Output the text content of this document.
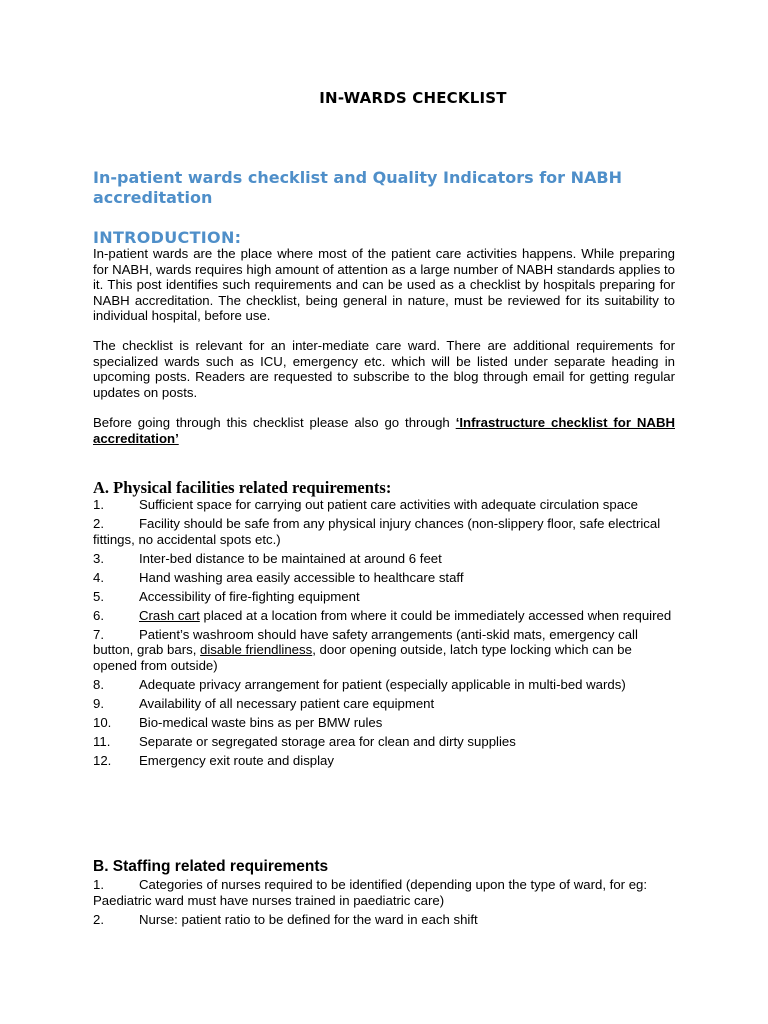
IN-WARDS CHECKLIST
In-patient wards checklist and Quality Indicators for NABH accreditation
INTRODUCTION:
In-patient wards are the place where most of the patient care activities happens. While preparing for NABH, wards requires high amount of attention as a large number of NABH standards applies to it. This post identifies such requirements and can be used as a checklist by hospitals preparing for NABH accreditation. The checklist, being general in nature, must be reviewed for its suitability to individual hospital, before use.
The checklist is relevant for an inter-mediate care ward. There are additional requirements for specialized wards such as ICU, emergency etc. which will be listed under separate heading in upcoming posts. Readers are requested to subscribe to the blog through email for getting regular updates on posts.
Before going through this checklist please also go through ‘Infrastructure checklist for NABH accreditation’
A. Physical facilities related requirements:
1.	Sufficient space for carrying out patient care activities with adequate circulation space
2.	Facility should be safe from any physical injury chances (non-slippery floor, safe electrical fittings, no accidental spots etc.)
3.	Inter-bed distance to be maintained at around 6 feet
4.	Hand washing area easily accessible to healthcare staff
5.	Accessibility of fire-fighting equipment
6.	Crash cart placed at a location from where it could be immediately accessed when required
7.	Patient’s washroom should have safety arrangements (anti-skid mats, emergency call button, grab bars, disable friendliness, door opening outside, latch type locking which can be opened from outside)
8.	Adequate privacy arrangement for patient (especially applicable in multi-bed wards)
9.	Availability of all necessary patient care equipment
10. Bio-medical waste bins as per BMW rules
11. Separate or segregated storage area for clean and dirty supplies
12. Emergency exit route and display
B. Staffing related requirements
1.	Categories of nurses required to be identified (depending upon the type of ward, for eg: Paediatric ward must have nurses trained in paediatric care)
2.	Nurse: patient ratio to be defined for the ward in each shift
